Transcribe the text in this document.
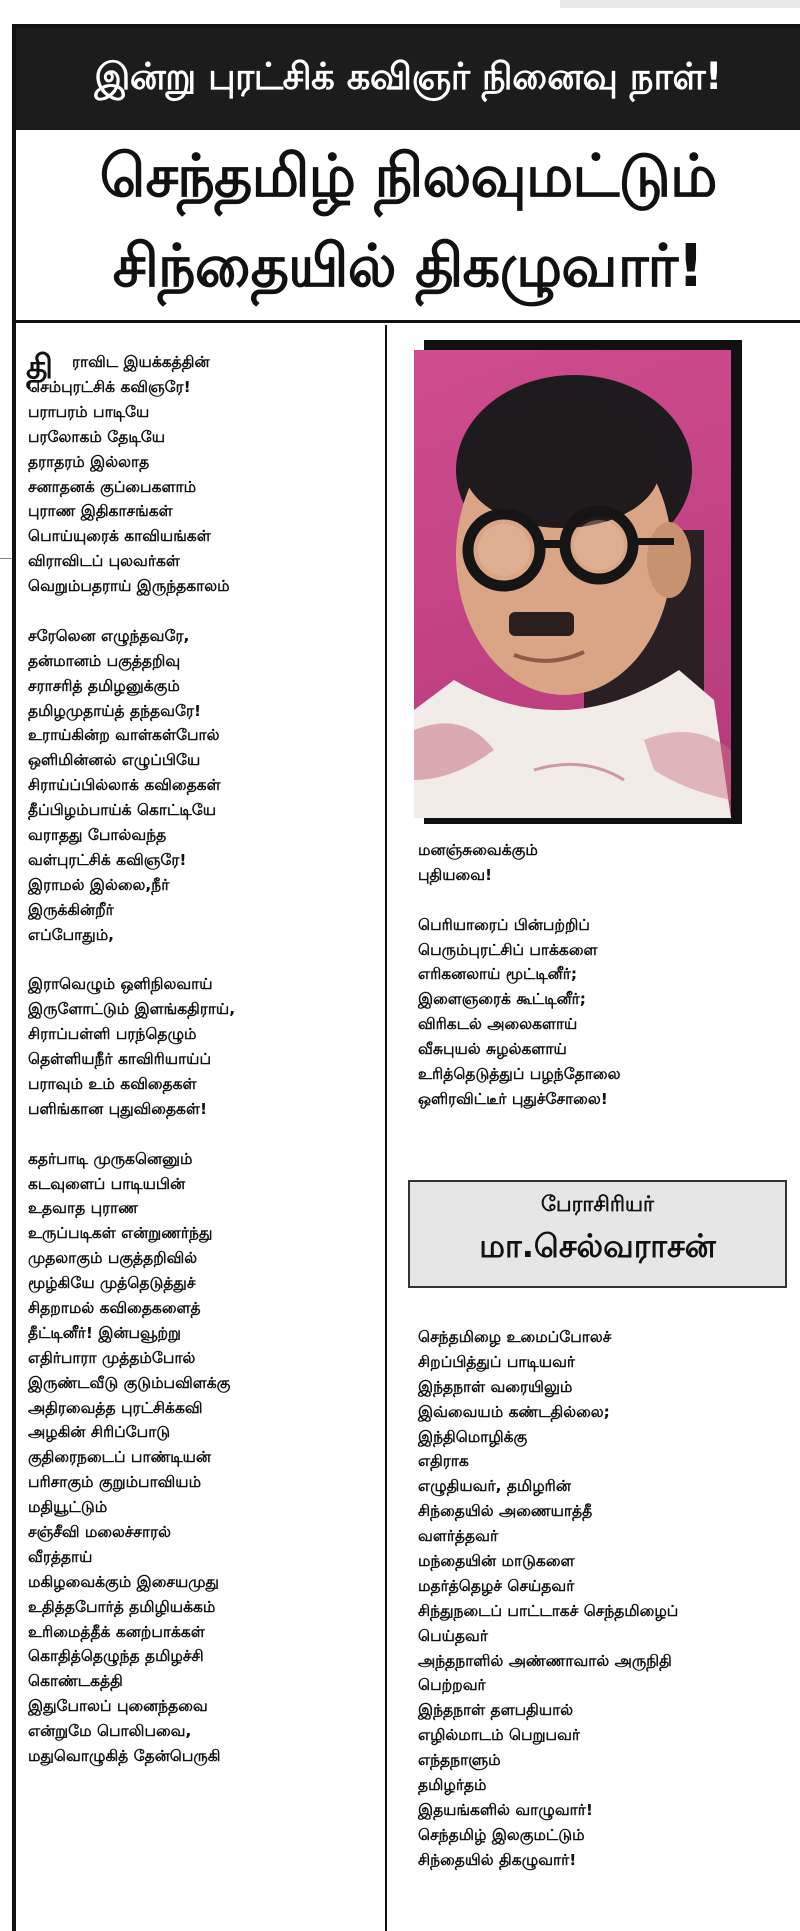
இன்று புரட்சிக் கவிஞர் நினைவு நாள்!
செந்தமிழ் நிலவுமட்டும்
சிந்தையில் திகழுவார்!
தி ராவிட இயக்கத்தின்
செம்புரட்சிக் கவிஞரே!
பராபரம் பாடியே
பரலோகம் தேடியே
தராதரம் இல்லாத
சனாதனக் குப்பைகளாம்
புராண இதிகாசங்கள்
பொய்யுரைக் காவியங்கள்
விராவிடப் புலவர்கள்
வெறும்பதராய் இருந்தகாலம்
சரேலென எழுந்தவரே,
தன்மானம் பகுத்தறிவு
சராசரித் தமிழனுக்கும்
தமிழமுதாய்த் தந்தவரே!
உராய்கின்ற வாள்கள்போல்
ஒளிமின்னல் எழுப்பியே
சிராய்ப்பில்லாக் கவிதைகள்
தீப்பிழம்பாய்க் கொட்டியே
வராதது போல்வந்த
வள்புரட்சிக் கவிஞரே!
இராமல் இல்லை,நீர்
இருக்கின்றீர்
எப்போதும்,
இராவெழும் ஒளிநிலவாய்
இருளோட்டும் இளங்கதிராய்,
சிராப்பள்ளி பரந்தெழும்
தெள்ளியநீர் காவிரியாய்ப்
பராவும் உம் கவிதைகள்
பளிங்கான புதுவிதைகள்!
கதர்பாடி முருகனெனும்
கடவுளைப் பாடியபின்
உதவாத புராண
உருப்படிகள் என்றுணர்ந்து
முதலாகும் பகுத்தறிவில்
மூழ்கியே முத்தெடுத்துச்
சிதறாமல் கவிதைகளைத்
தீட்டினீர்! இன்பவூற்று
எதிர்பாரா முத்தம்போல்
இருண்டவீடு குடும்பவிளக்கு
அதிரவைத்த புரட்சிக்கவி
அழகின் சிரிப்போடு
குதிரைநடைப் பாண்டியன்
பரிசாகும் குறும்பாவியம்
மதியூட்டும்
சஞ்சீவி மலைச்சாரல்
வீரத்தாய்
மகிழவைக்கும் இசையமுது
உதித்தபோர்த் தமிழியக்கம்
உரிமைத்தீக் கனற்பாக்கள்
கொதித்தெழுந்த தமிழச்சி
கொண்டகத்தி
இதுபோலப் புனைந்தவை
என்றுமே பொலிபவை,
மதுவொழுகித் தேன்பெருகி
மனஞ்சுவைக்கும்
புதியவை!
பெரியாரைப் பின்பற்றிப்
பெரும்புரட்சிப் பாக்களை
எரிகனலாய் மூட்டினீர்;
இளைஞரைக் கூட்டினீர்;
விரிகடல் அலைகளாய்
வீசுபுயல் சுழல்களாய்
உரித்தெடுத்துப் பழந்தோலை
ஒளிரவிட்டீர் புதுச்சோலை!
பேராசிரியர்
மா.செல்வராசன்
செந்தமிழை உமைப்போலச்
சிறப்பித்துப் பாடியவர்
இந்தநாள் வரையிலும்
இவ்வையம் கண்டதில்லை;
இந்திமொழிக்கு
எதிராக
எழுதியவர், தமிழரின்
சிந்தையில் அணையாத்தீ
வளர்த்தவர்
மந்தையின் மாடுகளை
மதர்த்தெழச் செய்தவர்
சிந்துநடைப் பாட்டாகச் செந்தமிழைப்
பெய்தவர்
அந்தநாளில் அண்ணாவால் அருநிதி
பெற்றவர்
இந்தநாள் தளபதியால்
எழில்மாடம் பெறுபவர்
எந்தநாளும்
தமிழர்தம்
இதயங்களில் வாழுவார்!
செந்தமிழ் இலகுமட்டும்
சிந்தையில் திகழுவார்!
